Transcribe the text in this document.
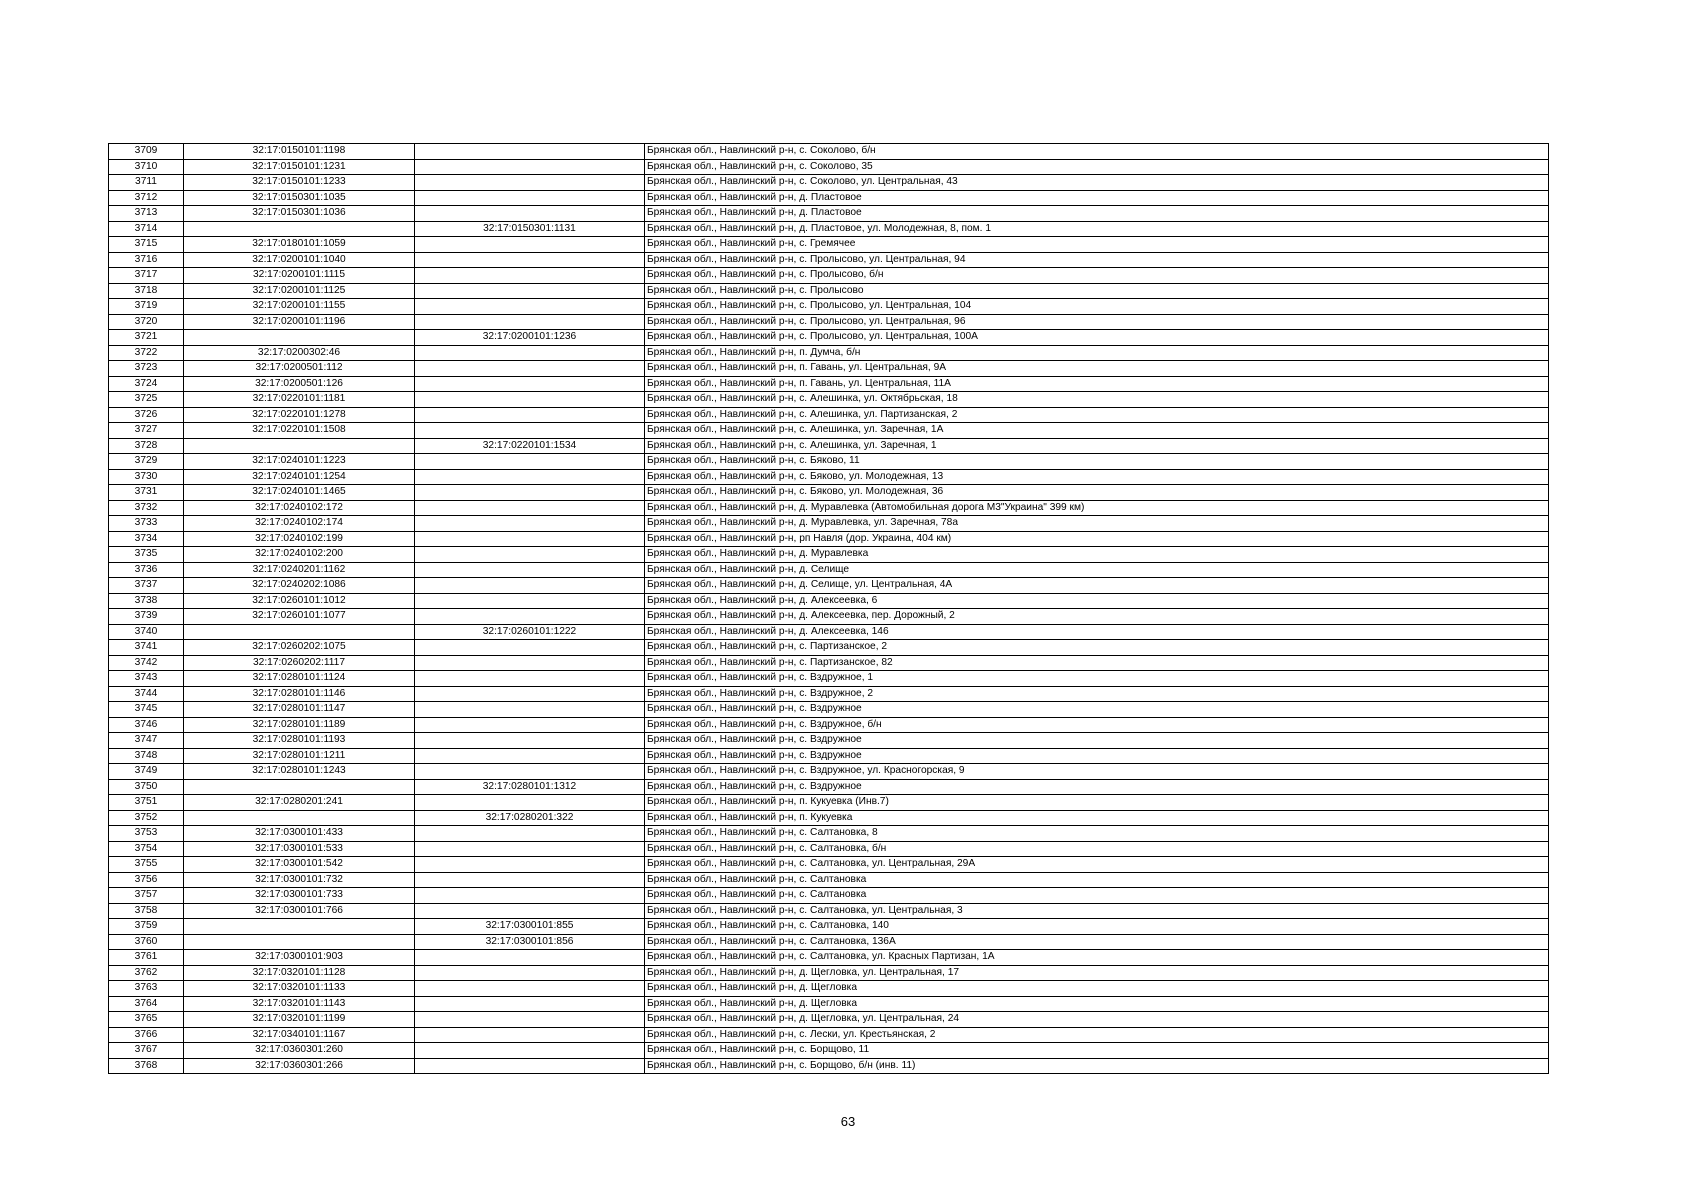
3709	32:17:0150101:1198		Брянская обл., Навлинский р-н, с. Соколово, б/н
3710	32:17:0150101:1231		Брянская обл., Навлинский р-н, с. Соколово, 35
3711	32:17:0150101:1233		Брянская обл., Навлинский р-н, с. Соколово, ул. Центральная, 43
3712	32:17:0150301:1035		Брянская обл., Навлинский р-н, д. Пластовое
3713	32:17:0150301:1036		Брянская обл., Навлинский р-н, д. Пластовое
3714		32:17:0150301:1131	Брянская обл., Навлинский р-н, д. Пластовое, ул. Молодежная, 8, пом. 1
3715	32:17:0180101:1059		Брянская обл., Навлинский р-н, с. Гремячее
3716	32:17:0200101:1040		Брянская обл., Навлинский р-н, с. Пролысово, ул. Центральная, 94
3717	32:17:0200101:1115		Брянская обл., Навлинский р-н, с. Пролысово, б/н
3718	32:17:0200101:1125		Брянская обл., Навлинский р-н, с. Пролысово
3719	32:17:0200101:1155		Брянская обл., Навлинский р-н, с. Пролысово, ул. Центральная, 104
3720	32:17:0200101:1196		Брянская обл., Навлинский р-н, с. Пролысово, ул. Центральная, 96
3721		32:17:0200101:1236	Брянская обл., Навлинский р-н, с. Пролысово, ул. Центральная, 100А
3722	32:17:0200302:46		Брянская обл., Навлинский р-н, п. Думча, б/н
3723	32:17:0200501:112		Брянская обл., Навлинский р-н, п. Гавань, ул. Центральная, 9А
3724	32:17:0200501:126		Брянская обл., Навлинский р-н, п. Гавань, ул. Центральная, 11А
3725	32:17:0220101:1181		Брянская обл., Навлинский р-н, с. Алешинка, ул. Октябрьская, 18
3726	32:17:0220101:1278		Брянская обл., Навлинский р-н, с. Алешинка, ул. Партизанская, 2
3727	32:17:0220101:1508		Брянская обл., Навлинский р-н, с. Алешинка, ул. Заречная, 1А
3728		32:17:0220101:1534	Брянская обл., Навлинский р-н, с. Алешинка, ул. Заречная, 1
3729	32:17:0240101:1223		Брянская обл., Навлинский р-н, с. Бяково, 11
3730	32:17:0240101:1254		Брянская обл., Навлинский р-н, с. Бяково, ул. Молодежная, 13
3731	32:17:0240101:1465		Брянская обл., Навлинский р-н, с. Бяково, ул. Молодежная, 36
3732	32:17:0240102:172		Брянская обл., Навлинский р-н, д. Муравлевка (Автомобильная дорога М3"Украина" 399 км)
3733	32:17:0240102:174		Брянская обл., Навлинский р-н, д. Муравлевка, ул. Заречная, 78а
3734	32:17:0240102:199		Брянская обл., Навлинский р-н, рп Навля (дор. Украина, 404 км)
3735	32:17:0240102:200		Брянская обл., Навлинский р-н, д. Муравлевка
3736	32:17:0240201:1162		Брянская обл., Навлинский р-н, д. Селище
3737	32:17:0240202:1086		Брянская обл., Навлинский р-н, д. Селище, ул. Центральная, 4А
3738	32:17:0260101:1012		Брянская обл., Навлинский р-н, д. Алексеевка, 6
3739	32:17:0260101:1077		Брянская обл., Навлинский р-н, д. Алексеевка, пер. Дорожный, 2
3740		32:17:0260101:1222	Брянская обл., Навлинский р-н, д. Алексеевка, 146
3741	32:17:0260202:1075		Брянская обл., Навлинский р-н, с. Партизанское, 2
3742	32:17:0260202:1117		Брянская обл., Навлинский р-н, с. Партизанское, 82
3743	32:17:0280101:1124		Брянская обл., Навлинский р-н, с. Вздружное, 1
3744	32:17:0280101:1146		Брянская обл., Навлинский р-н, с. Вздружное, 2
3745	32:17:0280101:1147		Брянская обл., Навлинский р-н, с. Вздружное
3746	32:17:0280101:1189		Брянская обл., Навлинский р-н, с. Вздружное, б/н
3747	32:17:0280101:1193		Брянская обл., Навлинский р-н, с. Вздружное
3748	32:17:0280101:1211		Брянская обл., Навлинский р-н, с. Вздружное
3749	32:17:0280101:1243		Брянская обл., Навлинский р-н, с. Вздружное, ул. Красногорская, 9
3750		32:17:0280101:1312	Брянская обл., Навлинский р-н, с. Вздружное
3751	32:17:0280201:241		Брянская обл., Навлинский р-н, п. Кукуевка (Инв.7)
3752		32:17:0280201:322	Брянская обл., Навлинский р-н, п. Кукуевка
3753	32:17:0300101:433		Брянская обл., Навлинский р-н, с. Салтановка, 8
3754	32:17:0300101:533		Брянская обл., Навлинский р-н, с. Салтановка, б/н
3755	32:17:0300101:542		Брянская обл., Навлинский р-н, с. Салтановка, ул. Центральная, 29А
3756	32:17:0300101:732		Брянская обл., Навлинский р-н, с. Салтановка
3757	32:17:0300101:733		Брянская обл., Навлинский р-н, с. Салтановка
3758	32:17:0300101:766		Брянская обл., Навлинский р-н, с. Салтановка, ул. Центральная, 3
3759		32:17:0300101:855	Брянская обл., Навлинский р-н, с. Салтановка, 140
3760		32:17:0300101:856	Брянская обл., Навлинский р-н, с. Салтановка, 136А
3761	32:17:0300101:903		Брянская обл., Навлинский р-н, с. Салтановка, ул. Красных Партизан, 1А
3762	32:17:0320101:1128		Брянская обл., Навлинский р-н, д. Щегловка, ул. Центральная, 17
3763	32:17:0320101:1133		Брянская обл., Навлинский р-н, д. Щегловка
3764	32:17:0320101:1143		Брянская обл., Навлинский р-н, д. Щегловка
3765	32:17:0320101:1199		Брянская обл., Навлинский р-н, д. Щегловка, ул. Центральная, 24
3766	32:17:0340101:1167		Брянская обл., Навлинский р-н, с. Лески, ул. Крестьянская, 2
3767	32:17:0360301:260		Брянская обл., Навлинский р-н, с. Борщово, 11
3768	32:17:0360301:266		Брянская обл., Навлинский р-н, с. Борщово, б/н (инв. 11)
63
